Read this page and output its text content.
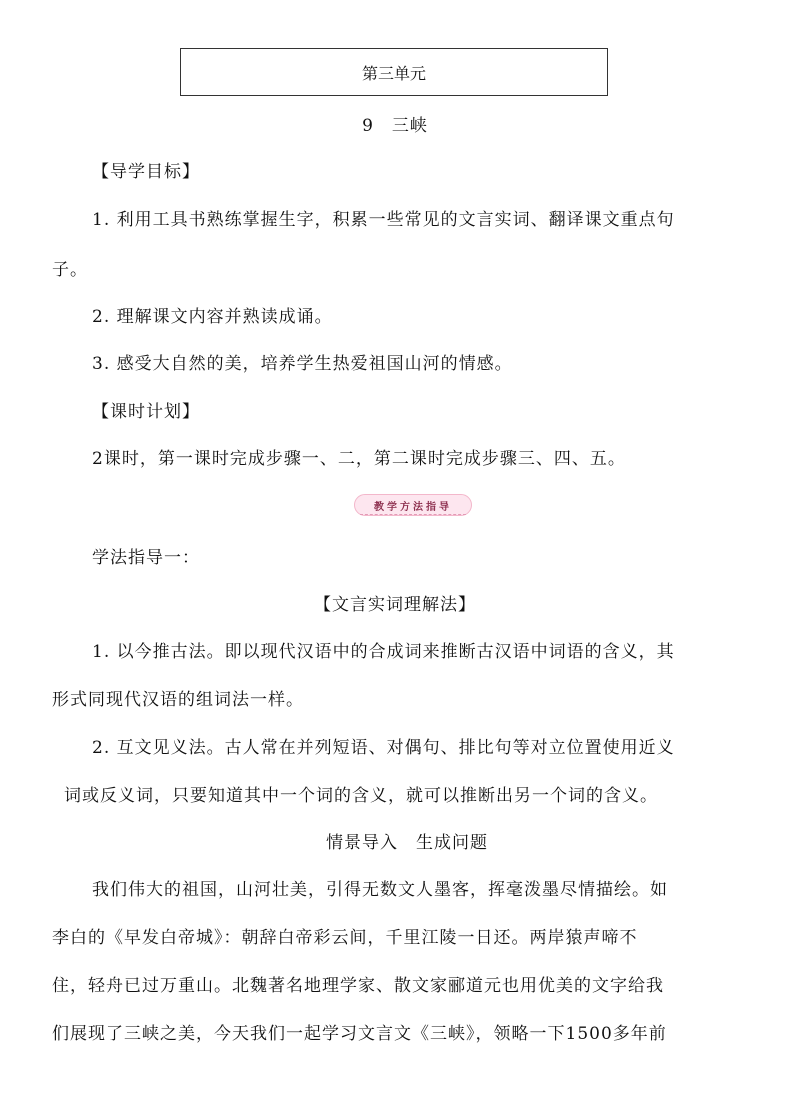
第三单元
9　三峡
【导学目标】
1. 利用工具书熟练掌握生字，积累一些常见的文言实词、翻译课文重点句
子。
2. 理解课文内容并熟读成诵。
3. 感受大自然的美，培养学生热爱祖国山河的情感。
【课时计划】
2课时，第一课时完成步骤一、二，第二课时完成步骤三、四、五。
教学方法指导
学法指导一：
【文言实词理解法】
1. 以今推古法。即以现代汉语中的合成词来推断古汉语中词语的含义，其
形式同现代汉语的组词法一样。
2. 互文见义法。古人常在并列短语、对偶句、排比句等对立位置使用近义
词或反义词，只要知道其中一个词的含义，就可以推断出另一个词的含义。
情景导入　生成问题
我们伟大的祖国，山河壮美，引得无数文人墨客，挥毫泼墨尽情描绘。如
李白的《早发白帝城》：朝辞白帝彩云间，千里江陵一日还。两岸猿声啼不
住，轻舟已过万重山。北魏著名地理学家、散文家郦道元也用优美的文字给我
们展现了三峡之美，今天我们一起学习文言文《三峡》，领略一下1500多年前
